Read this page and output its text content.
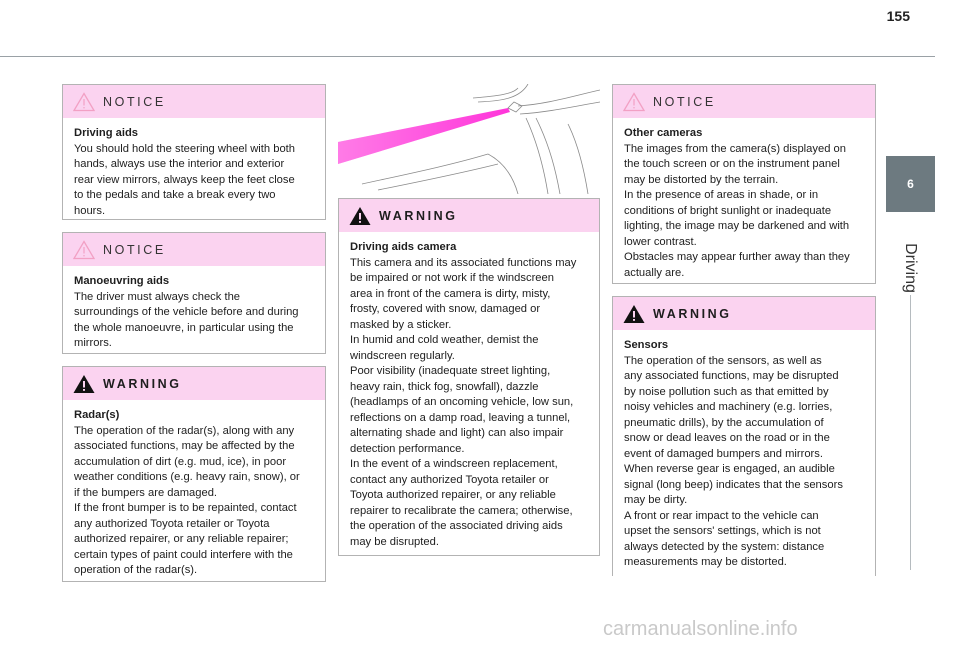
155
6
Driving
NOTICE

Driving aids

You should hold the steering wheel with both
hands, always use the interior and exterior
rear view mirrors, always keep the feet close
to the pedals and take a break every two
hours.

NOTICE

Manoeuvring aids

The driver must always check the
surroundings of the vehicle before and during
the whole manoeuvre, in particular using the
mirrors.

WARNING

Radar(s)

The operation of the radar(s), along with any
associated functions, may be affected by the
accumulation of dirt (e.g. mud, ice), in poor
weather conditions (e.g. heavy rain, snow), or
if the bumpers are damaged.
If the front bumper is to be repainted, contact
any authorized Toyota retailer or Toyota
authorized repairer, or any reliable repairer;
certain types of paint could interfere with the
operation of the radar(s).

WARNING

Driving aids camera

This camera and its associated functions may
be impaired or not work if the windscreen
area in front of the camera is dirty, misty,
frosty, covered with snow, damaged or
masked by a sticker.
In humid and cold weather, demist the
windscreen regularly.
Poor visibility (inadequate street lighting,
heavy rain, thick fog, snowfall), dazzle
(headlamps of an oncoming vehicle, low sun,
reflections on a damp road, leaving a tunnel,
alternating shade and light) can also impair
detection performance.
In the event of a windscreen replacement,
contact any authorized Toyota retailer or
Toyota authorized repairer, or any reliable
repairer to recalibrate the camera; otherwise,
the operation of the associated driving aids
may be disrupted.

NOTICE

Other cameras

The images from the camera(s) displayed on
the touch screen or on the instrument panel
may be distorted by the terrain.
In the presence of areas in shade, or in
conditions of bright sunlight or inadequate
lighting, the image may be darkened and with
lower contrast.
Obstacles may appear further away than they
actually are.

WARNING

Sensors

The operation of the sensors, as well as
any associated functions, may be disrupted
by noise pollution such as that emitted by
noisy vehicles and machinery (e.g. lorries,
pneumatic drills), by the accumulation of
snow or dead leaves on the road or in the
event of damaged bumpers and mirrors.
When reverse gear is engaged, an audible
signal (long beep) indicates that the sensors
may be dirty.
A front or rear impact to the vehicle can
upset the sensors' settings, which is not
always detected by the system: distance
measurements may be distorted.

carmanualsonline.info
